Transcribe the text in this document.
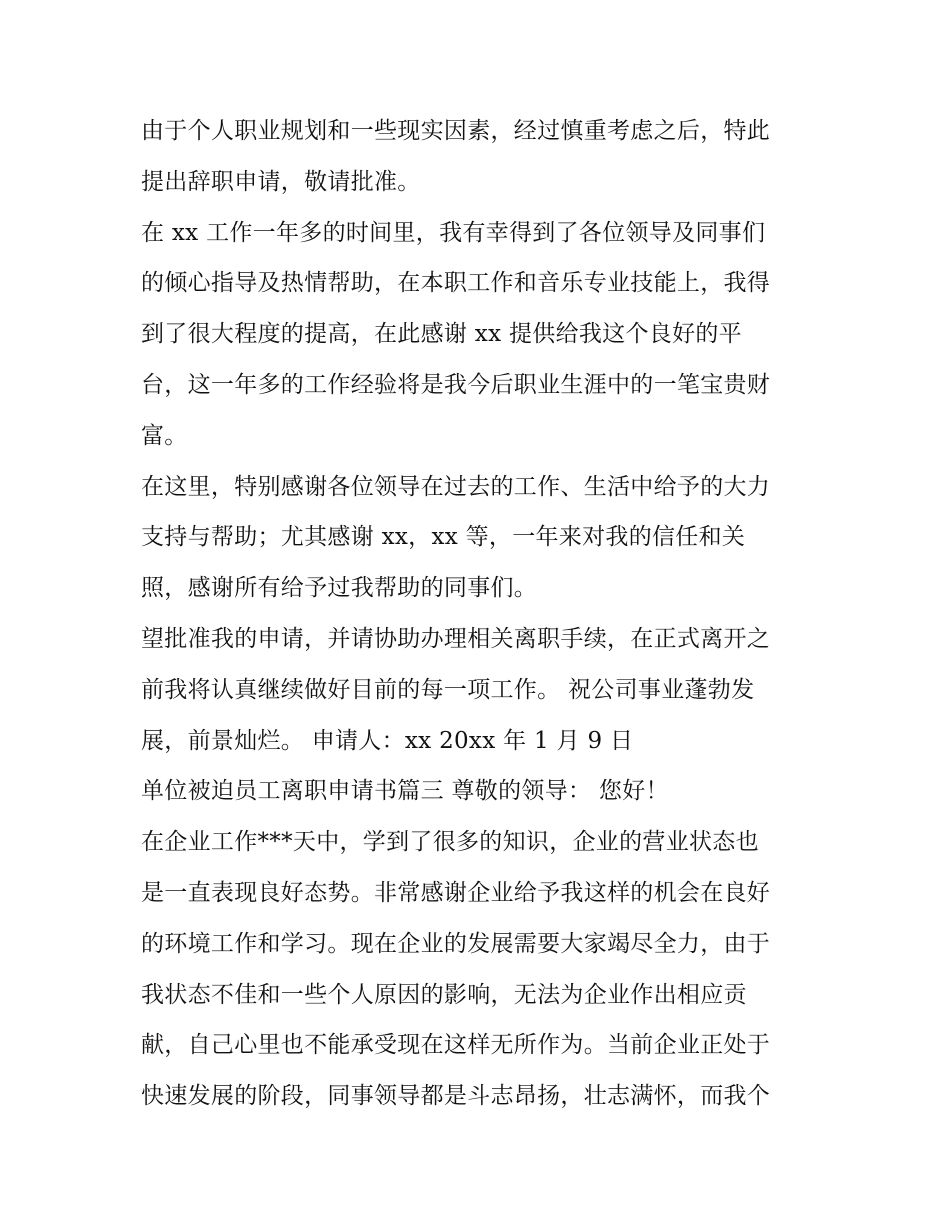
由于个人职业规划和一些现实因素，经过慎重考虑之后，特此
提出辞职申请，敬请批准。
在 xx 工作一年多的时间里，我有幸得到了各位领导及同事们
的倾心指导及热情帮助，在本职工作和音乐专业技能上，我得
到了很大程度的提高，在此感谢 xx 提供给我这个良好的平
台，这一年多的工作经验将是我今后职业生涯中的一笔宝贵财
富。
在这里，特别感谢各位领导在过去的工作、生活中给予的大力
支持与帮助；尤其感谢 xx，xx 等，一年来对我的信任和关
照，感谢所有给予过我帮助的同事们。
望批准我的申请，并请协助办理相关离职手续，在正式离开之
前我将认真继续做好目前的每一项工作。 祝公司事业蓬勃发
展，前景灿烂。 申请人：xx 20xx 年 1 月 9 日
单位被迫员工离职申请书篇三 尊敬的领导： 您好！
在企业工作***天中，学到了很多的知识，企业的营业状态也
是一直表现良好态势。非常感谢企业给予我这样的机会在良好
的环境工作和学习。现在企业的发展需要大家竭尽全力，由于
我状态不佳和一些个人原因的影响，无法为企业作出相应贡
献，自己心里也不能承受现在这样无所作为。当前企业正处于
快速发展的阶段，同事领导都是斗志昂扬，壮志满怀，而我个
